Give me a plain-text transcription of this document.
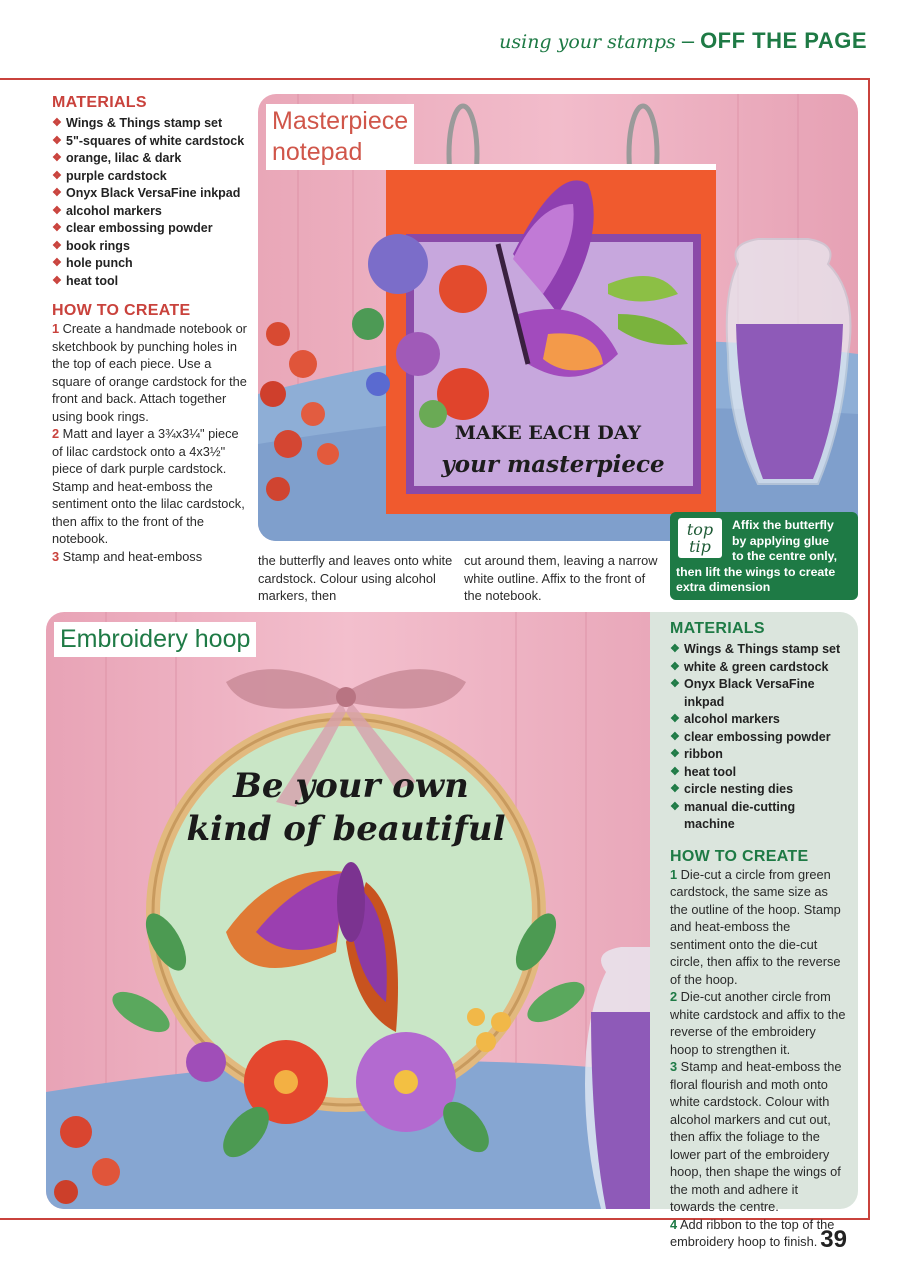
using your stamps – OFF THE PAGE
MATERIALS
❖ Wings & Things stamp set
❖ 5"-squares of white cardstock
❖ orange, lilac & dark
❖ purple cardstock
❖ Onyx Black VersaFine inkpad
❖ alcohol markers
❖ clear embossing powder
❖ book rings
❖ hole punch
❖ heat tool
HOW TO CREATE

1 Create a handmade notebook or sketchbook by punching holes in the top of each piece. Use a square of orange cardstock for the front and back. Attach together using book rings.

2 Matt and layer a 3¾x3¼" piece of lilac cardstock onto a 4x3½" piece of dark purple cardstock. Stamp and heat-emboss the sentiment onto the lilac cardstock, then affix to the front of the notebook.

3 Stamp and heat-emboss	the butterfly and leaves onto white cardstock. Colour using alcohol markers, then

cut around them, leaving a narrow white outline. Affix to the front of the notebook.

MAKE EACH DAY
your masterpiece
Masterpiece
notepad
top
tip
Affix the butterfly
by applying glue
to the centre only,
then lift the wings to create extra dimension
Be your own
kind of beautiful
Embroidery hoop	MATERIALS
❖ Wings & Things stamp set
❖ white & green cardstock
❖ Onyx Black VersaFine inkpad
❖ alcohol markers
❖ clear embossing powder
❖ ribbon
❖ heat tool
❖ circle nesting dies
❖ manual die-cutting machine
HOW TO CREATE

1 Die-cut a circle from green cardstock, the same size as the outline of the hoop. Stamp and heat-emboss the sentiment onto the die-cut circle, then affix to the reverse of the hoop.

2 Die-cut another circle from white cardstock and affix to the reverse of the embroidery hoop to strengthen it.

3 Stamp and heat-emboss the floral flourish and moth onto white cardstock. Colour with alcohol markers and cut out, then affix the foliage to the lower part of the embroidery hoop, then shape the wings of the moth and adhere it towards the centre.

4 Add ribbon to the top of the embroidery hoop to finish. 39
